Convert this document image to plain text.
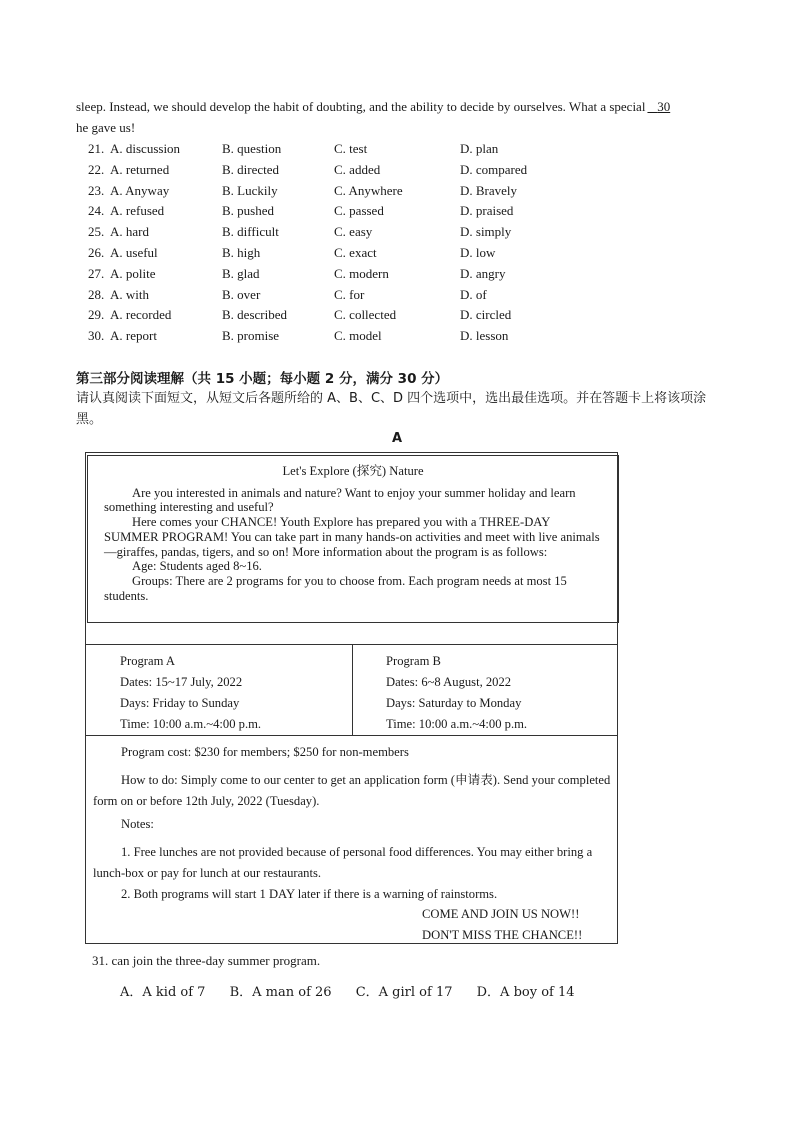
sleep. Instead, we should develop the habit of doubting, and the ability to decide by ourselves. What a special 30
he gave us!
21. A. discussion	B. question	C. test	D. plan
22. A. returned	B. directed	C. added	D. compared
23. A. Anyway	B. Luckily	C. Anywhere	D. Bravely
24. A. refused	B. pushed	C. passed	D. praised
25. A. hard	B. difficult	C. easy	D. simply
26. A. useful	B. high	C. exact	D. low
27. A. polite	B. glad	C. modern	D. angry
28. A. with	B. over	C. for	D. of
29. A. recorded	B. described	C. collected	D. circled
30. A. report	B. promise	C. model	D. lesson
第三部分阅读理解（共 15 小题；每小题 2 分，满分 30 分）
请认真阅读下面短文，从短文后各题所给的 A、B、C、D 四个选项中，选出最佳选项。并在答题卡上将该项涂黑。
A
Let's Explore (探究) Nature

Are you interested in animals and nature? Want to enjoy your summer holiday and learn something interesting and useful?

Here comes your CHANCE! Youth Explore has prepared you with a THREE-DAY SUMMER PROGRAM! You can take part in many hands-on activities and meet with live animals —giraffes, pandas, tigers, and so on! More information about the program is as follows:

Age: Students aged 8~16.

Groups: There are 2 programs for you to choose from. Each program needs at most 15 students.

Program A
Dates: 15~17 July, 2022
Days: Friday to Sunday
Time: 10:00 a.m.~4:00 p.m.
Program B
Dates: 6~8 August, 2022
Days: Saturday to Monday
Time: 10:00 a.m.~4:00 p.m.
Program cost: $230 for members; $250 for non-members

How to do: Simply come to our center to get an application form (申请表). Send your completed form on or before 12th July, 2022 (Tuesday).

Notes:

1. Free lunches are not provided because of personal food differences. You may either bring a lunch-box or pay for lunch at our restaurants.

2. Both programs will start 1 DAY later if there is a warning of rainstorms.
COME AND JOIN US NOW!!
DON'T MISS THE CHANCE!!
31. can join the three-day summer program.
A．A kid of 7 B．A man of 26 C．A girl of 17 D．A boy of 14
